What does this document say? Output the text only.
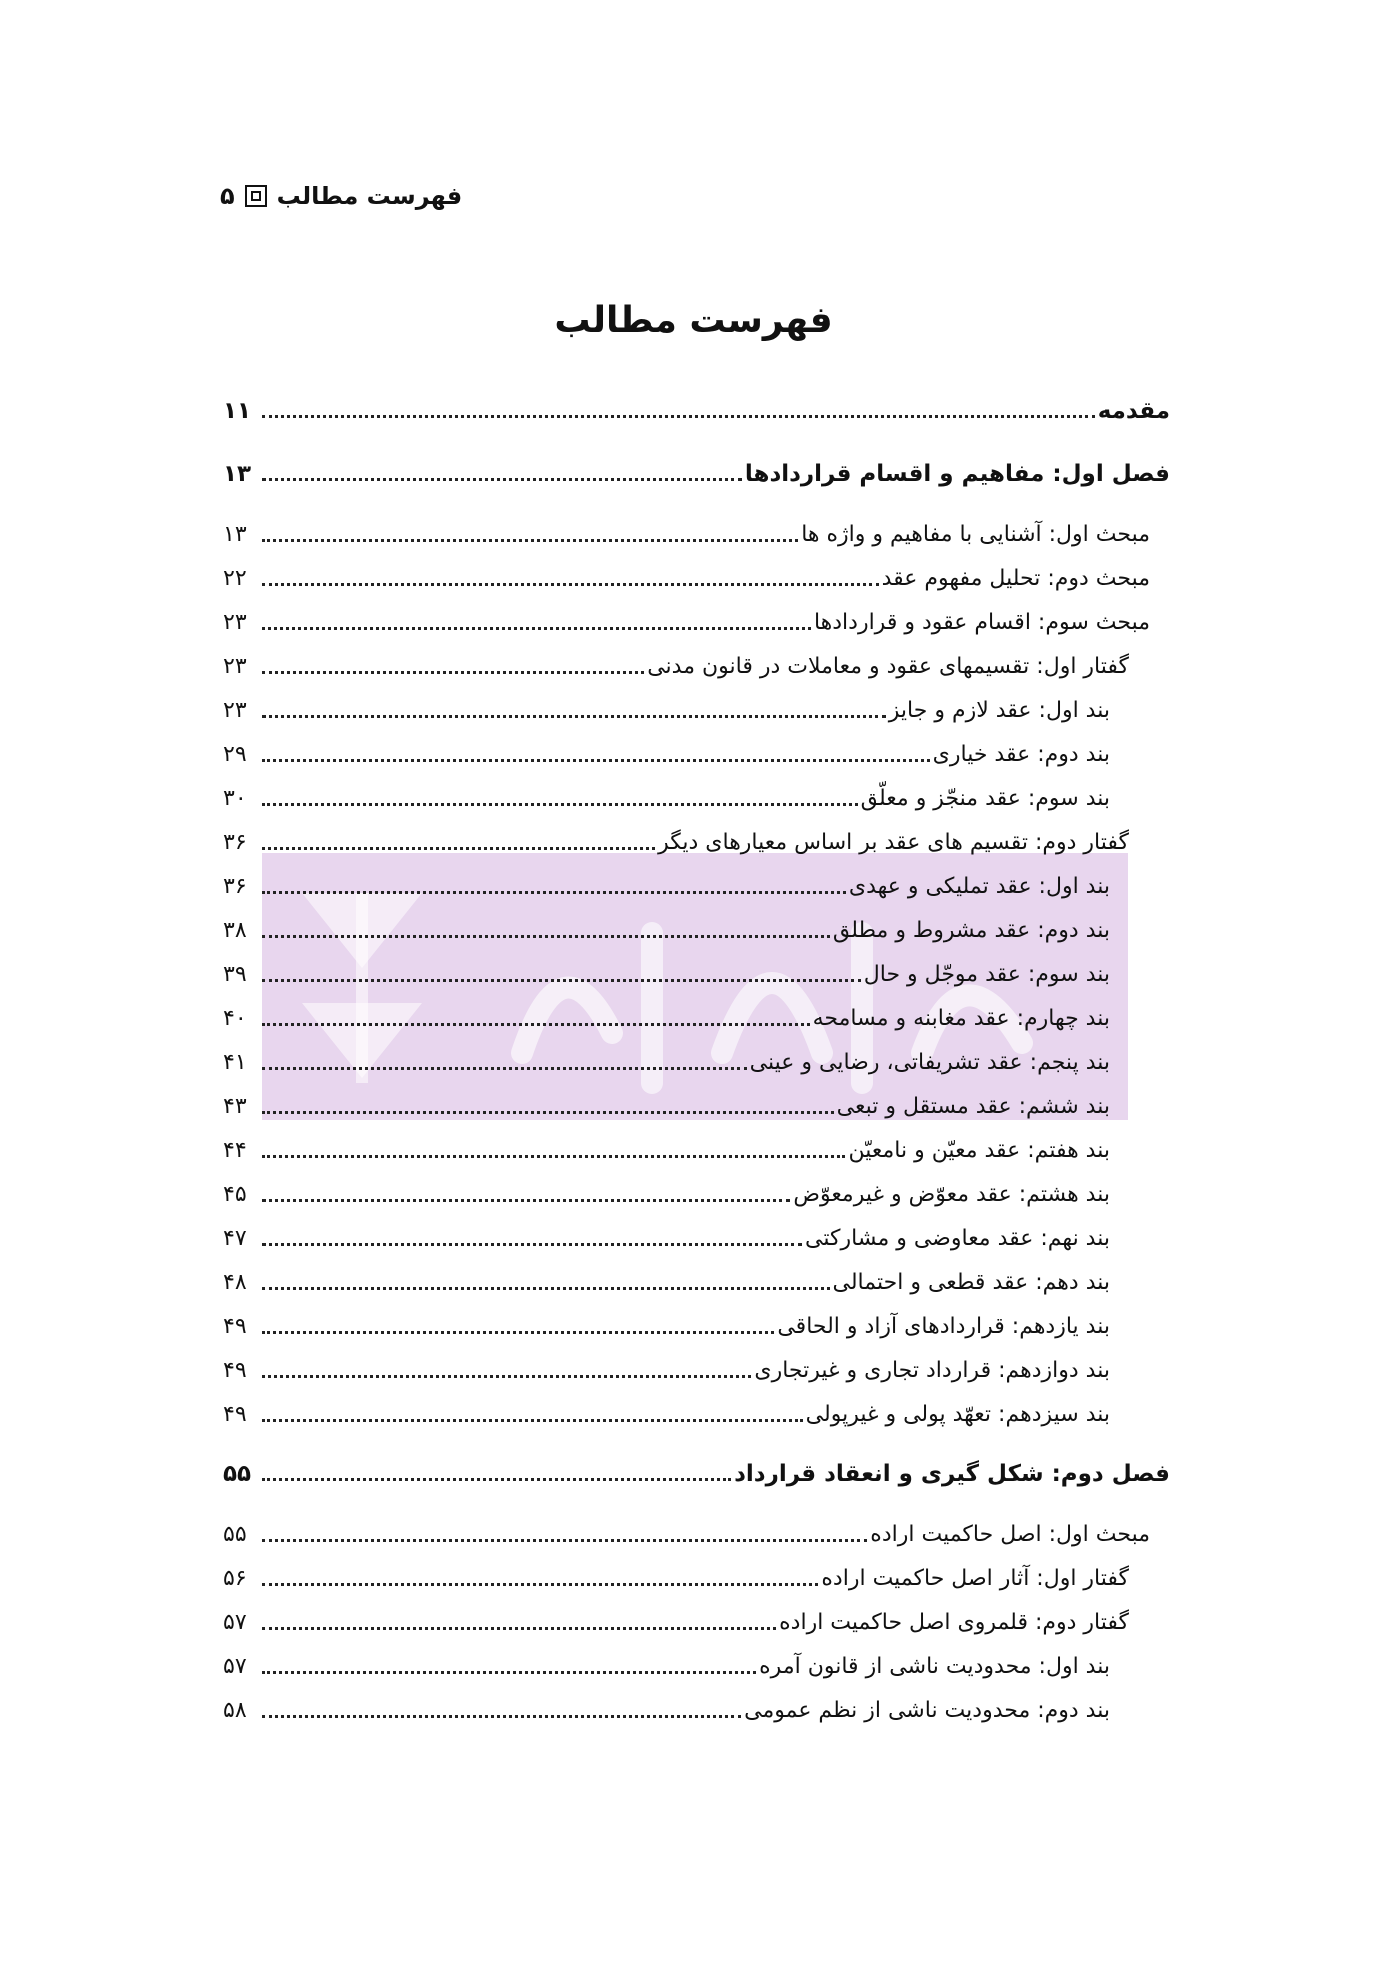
فهرست مطالب
۵
فهرست مطالب
مقدمه
۱۱
فصل اول: مفاهیم و اقسام قراردادها
۱۳
مبحث اول: آشنایی با مفاهیم و واژه ها
۱۳
مبحث دوم: تحلیل مفهوم عقد
۲۲
مبحث سوم: اقسام عقود و قراردادها
۲۳
گفتار اول: تقسیمهای عقود و معاملات در قانون مدنی
۲۳
بند اول: عقد لازم و جایز
۲۳
بند دوم: عقد خیاری
۲۹
بند سوم: عقد منجّز و معلّق
۳۰
گفتار دوم: تقسیم های عقد بر اساس معیارهای دیگر
۳۶
بند اول: عقد تملیکی و عهدی
۳۶
بند دوم: عقد مشروط و مطلق
۳۸
بند سوم: عقد موجّل و حال
۳۹
بند چهارم: عقد مغابنه و مسامحه
۴۰
بند پنجم: عقد تشریفاتی، رضایی و عینی
۴۱
بند ششم: عقد مستقل و تبعی
۴۳
بند هفتم: عقد معیّن و نامعیّن
۴۴
بند هشتم: عقد معوّض و غیرمعوّض
۴۵
بند نهم: عقد معاوضی و مشارکتی
۴۷
بند دهم: عقد قطعی و احتمالی
۴۸
بند یازدهم: قراردادهای آزاد و الحاقی
۴۹
بند دوازدهم: قرارداد تجاری و غیرتجاری
۴۹
بند سیزدهم: تعهّد پولی و غیرپولی
۴۹
فصل دوم: شکل گیری و انعقاد قرارداد
۵۵
مبحث اول: اصل حاکمیت اراده
۵۵
گفتار اول: آثار اصل حاکمیت اراده
۵۶
گفتار دوم: قلمروی اصل حاکمیت اراده
۵۷
بند اول: محدودیت ناشی از قانون آمره
۵۷
بند دوم: محدودیت ناشی از نظم عمومی
۵۸
